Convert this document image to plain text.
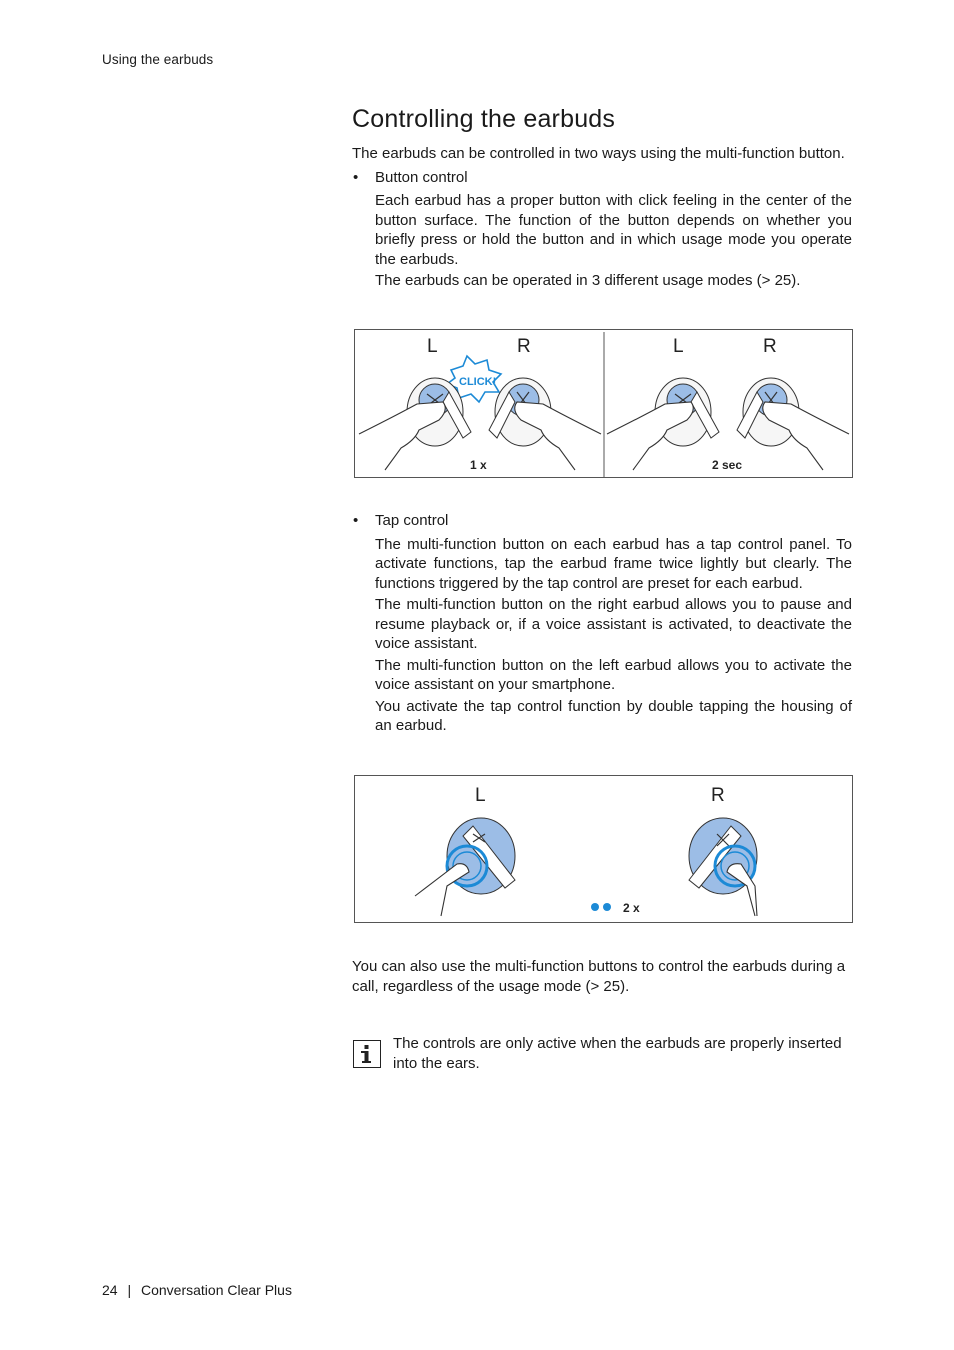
Using the earbuds
Controlling the earbuds

The earbuds can be controlled in two ways using the multi-function button.

• Button control

Each earbud has a proper button with click feeling in the center of the button surface. The function of the button depends on whether you briefly press or hold the button and in which usage mode you operate the earbuds.

The earbuds can be operated in 3 different usage modes (> 25).

L	R
CLICK!
1 x
L	R
2 sec
• Tap control

The multi-function button on each earbud has a tap control panel. To activate functions, tap the earbud frame twice lightly but clearly. The functions triggered by the tap control are preset for each earbud.

The multi-function button on the right earbud allows you to pause and resume playback or, if a voice assistant is activated, to deactivate the voice assistant.

The multi-function button on the left earbud allows you to activate the voice assistant on your smartphone.

You activate the tap control function by double tapping the housing of an earbud.

L	R
2 x

You can also use the multi-function buttons to control the earbuds during a call, regardless of the usage mode (> 25).

The controls are only active when the earbuds are properly inserted into the ears.

24 | Conversation Clear Plus
